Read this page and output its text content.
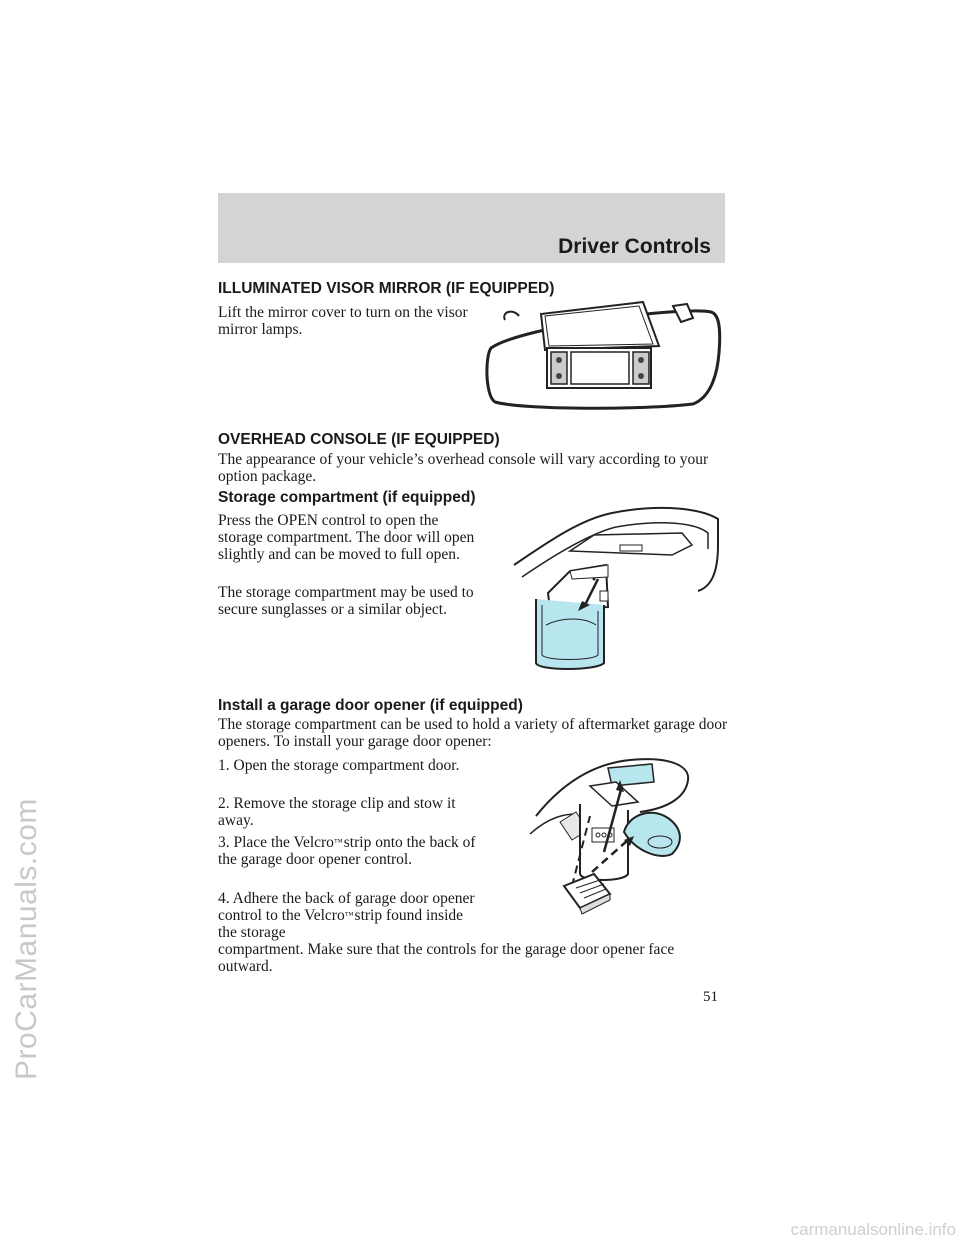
Driver Controls
ProCarManuals.com
carmanualsonline.info
ILLUMINATED VISOR MIRROR (IF EQUIPPED)

Lift the mirror cover to turn on the visor mirror lamps.

OVERHEAD CONSOLE (IF EQUIPPED)

The appearance of your vehicle’s overhead console will vary according to your option package.

Storage compartment (if equipped)

Press the OPEN control to open the storage compartment. The door will open slightly and can be moved to full open.

The storage compartment may be used to secure sunglasses or a similar object.

Install a garage door opener (if equipped)

The storage compartment can be used to hold a variety of aftermarket garage door openers. To install your garage door opener:

1. Open the storage compartment door.

2. Remove the storage clip and stow it away.

3. Place the Velcro™strip onto the back of the garage door opener control.

4. Adhere the back of garage door opener control to the Velcro™strip found inside the storage

compartment. Make sure that the controls for the garage door opener face outward.

51
